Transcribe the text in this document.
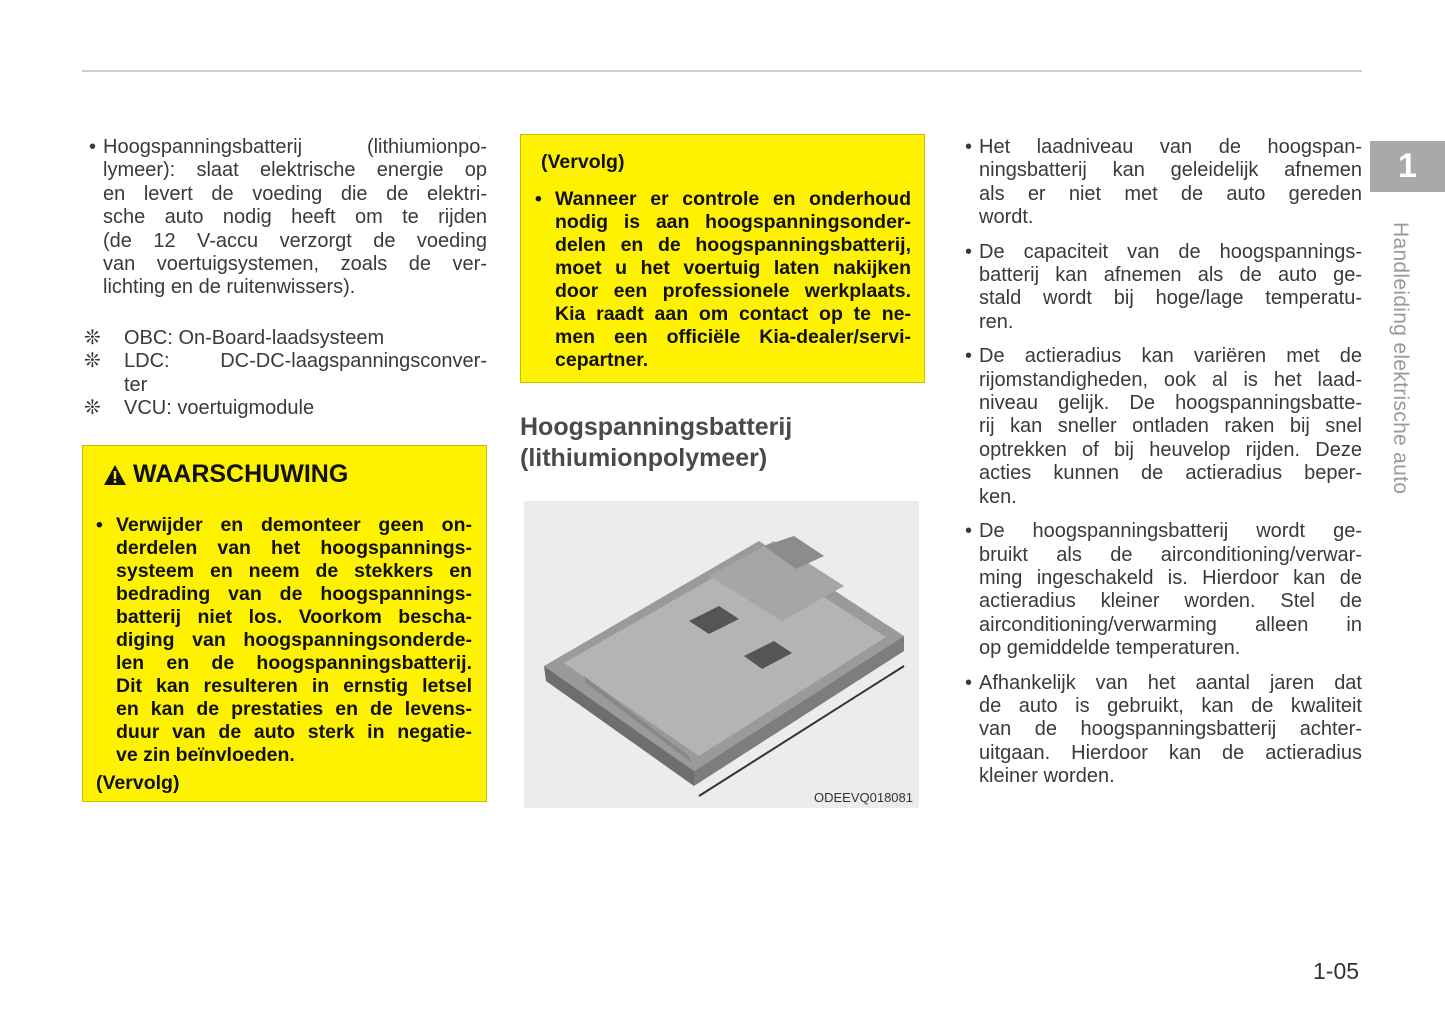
• Hoogspanningsbatterij (lithiumionpo-
lymeer): slaat elektrische energie op
en levert de voeding die de elektri-
sche auto nodig heeft om te rijden
(de 12 V-accu verzorgt de voeding
van voertuigsystemen, zoals de ver-
lichting en de ruitenwissers).
❊ OBC: On-Board-laadsysteem
❊ LDC: DC-DC-laagspanningsconver-
ter
❊ VCU: voertuigmodule
WAARSCHUWING
• Verwijder en demonteer geen on-
derdelen van het hoogspannings-
systeem en neem de stekkers en
bedrading van de hoogspannings-
batterij niet los. Voorkom bescha-
diging van hoogspanningsonderde-
len en de hoogspanningsbatterij.
Dit kan resulteren in ernstig letsel
en kan de prestaties en de levens-
duur van de auto sterk in negatie-
ve zin beïnvloeden.
(Vervolg)
(Vervolg)
• Wanneer er controle en onderhoud
nodig is aan hoogspanningsonder-
delen en de hoogspanningsbatterij,
moet u het voertuig laten nakijken
door een professionele werkplaats.
Kia raadt aan om contact op te ne-
men een officiële Kia-dealer/servi-
cepartner.
Hoogspanningsbatterij
(lithiumionpolymeer)
ODEEVQ018081
• Het laadniveau van de hoogspan-
ningsbatterij kan geleidelijk afnemen
als er niet met de auto gereden
wordt.
• De capaciteit van de hoogspannings-
batterij kan afnemen als de auto ge-
stald wordt bij hoge/lage temperatu-
ren.
• De actieradius kan variëren met de
rijomstandigheden, ook al is het laad-
niveau gelijk. De hoogspanningsbatte-
rij kan sneller ontladen raken bij snel
optrekken of bij heuvelop rijden. Deze
acties kunnen de actieradius beper-
ken.
• De hoogspanningsbatterij wordt ge-
bruikt als de airconditioning/verwar-
ming ingeschakeld is. Hierdoor kan de
actieradius kleiner worden. Stel de
airconditioning/verwarming alleen in
op gemiddelde temperaturen.
• Afhankelijk van het aantal jaren dat
de auto is gebruikt, kan de kwaliteit
van de hoogspanningsbatterij achter-
uitgaan. Hierdoor kan de actieradius
kleiner worden.
1
Handleiding elektrische auto
1-05
